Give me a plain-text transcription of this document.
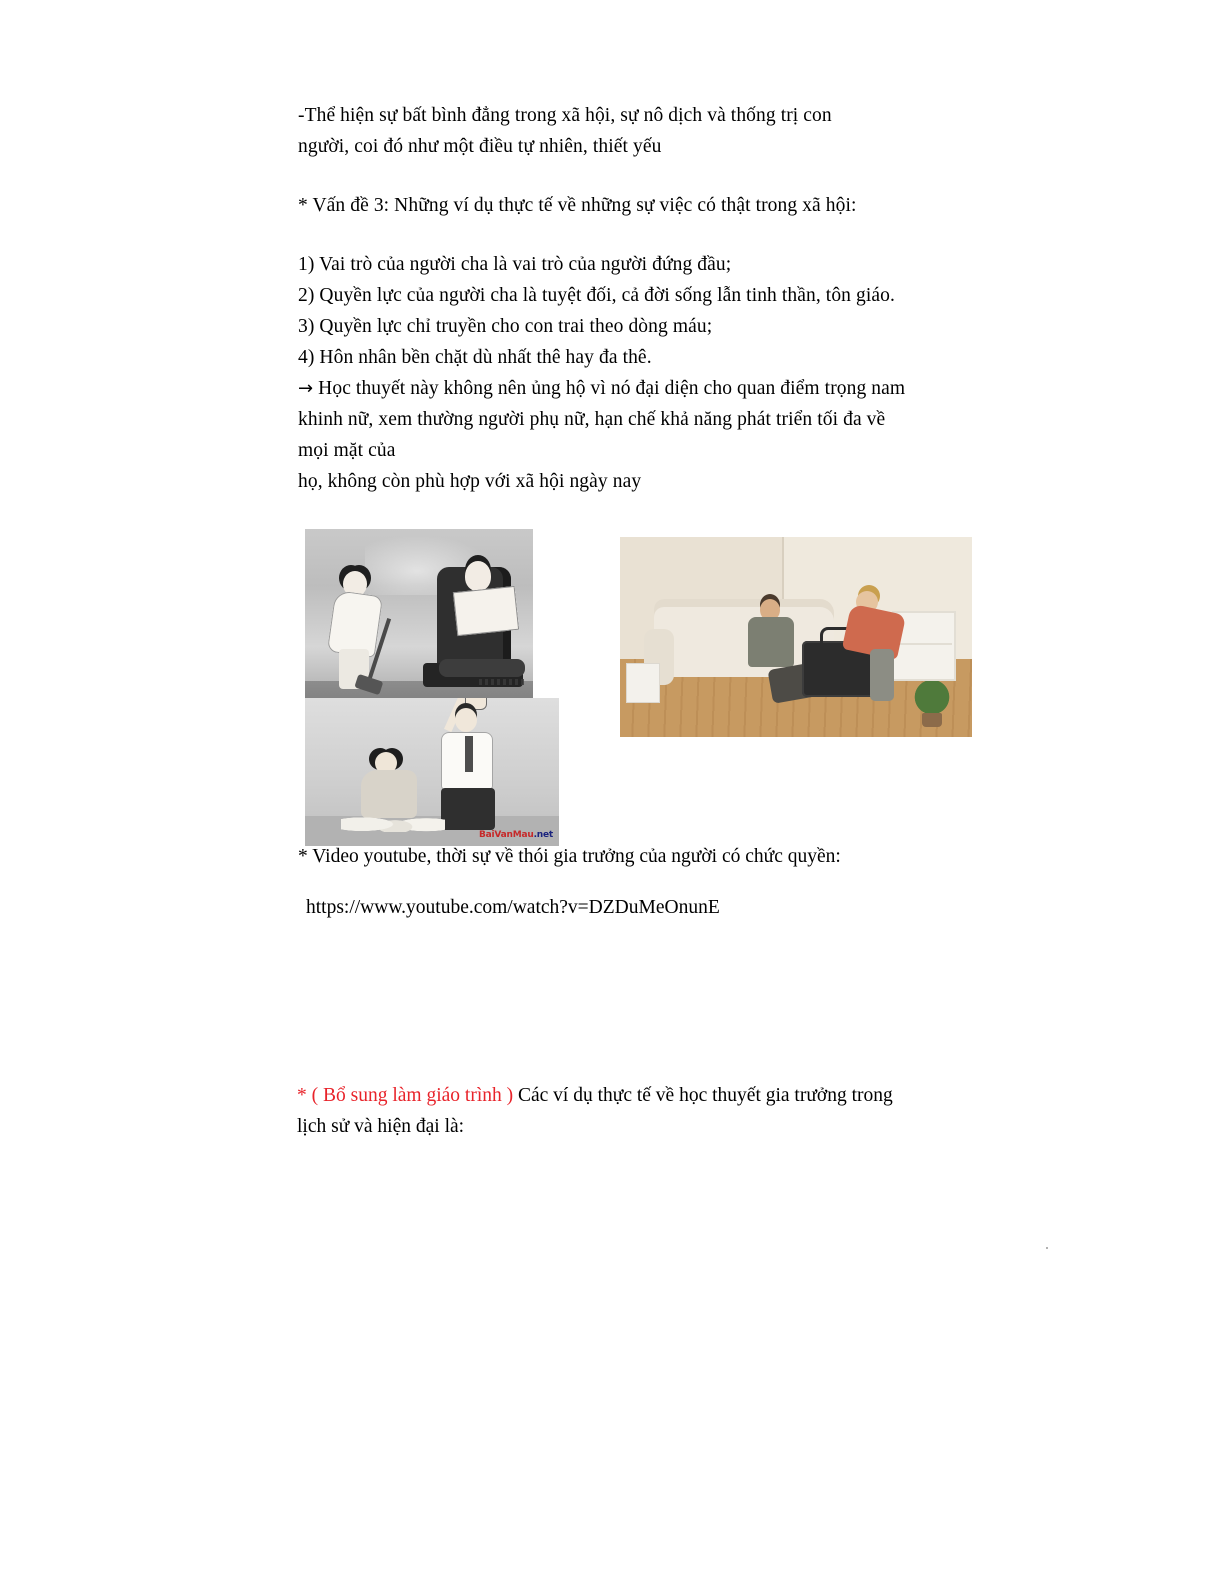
-Thể hiện sự bất bình đẳng trong xã hội, sự nô dịch và thống trị con
người, coi đó như một điều tự nhiên, thiết yếu

* Vấn đề 3: Những ví dụ thực tế về những sự việc có thật trong xã hội:

1) Vai trò của người cha là vai trò của người đứng đầu;

2) Quyền lực của người cha là tuyệt đối, cả đời sống lẫn tinh thần, tôn giáo.

3) Quyền lực chỉ truyền cho con trai theo dòng máu;

4) Hôn nhân bền chặt dù nhất thê hay đa thê.

→ Học thuyết này không nên ủng hộ vì nó đại diện cho quan điểm trọng nam
khinh nữ, xem thường người phụ nữ, hạn chế khả năng phát triển tối đa về
mọi mặt của
họ, không còn phù hợp với xã hội ngày nay

BaiVanMau.net
* Video youtube, thời sự về thói gia trưởng của người có chức quyền:
https://www.youtube.com/watch?v=DZDuMeOnunE
* ( Bổ sung làm giáo trình ) Các ví dụ thực tế về học thuyết gia trưởng trong
lịch sử và hiện đại là:
